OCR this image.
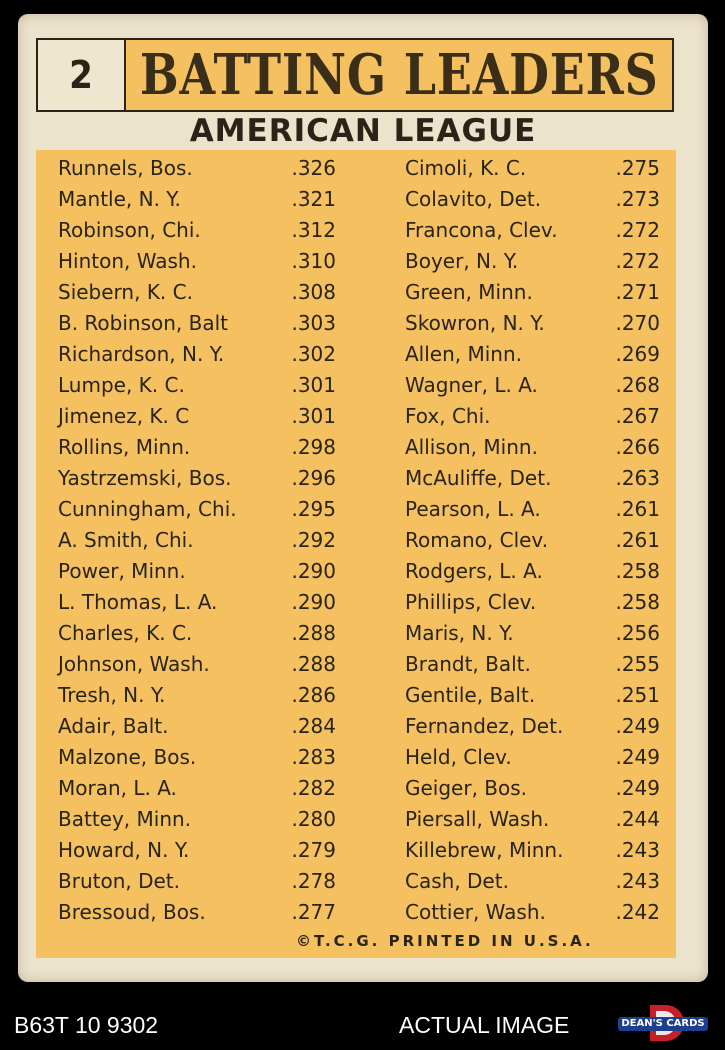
2 BATTING LEADERS
AMERICAN LEAGUE
Runnels, Bos.	.326
Mantle, N. Y.	.321
Robinson, Chi.	.312
Hinton, Wash.	.310
Siebern, K. C.	.308
B. Robinson, Balt	.303
Richardson, N. Y.	.302
Lumpe, K. C.	.301
Jimenez, K. C	.301
Rollins, Minn.	.298
Yastrzemski, Bos.	.296
Cunningham, Chi.	.295
A. Smith, Chi.	.292
Power, Minn.	.290
L. Thomas, L. A.	.290
Charles, K. C.	.288
Johnson, Wash.	.288
Tresh, N. Y.	.286
Adair, Balt.	.284
Malzone, Bos.	.283
Moran, L. A.	.282
Battey, Minn.	.280
Howard, N. Y.	.279
Bruton, Det.	.278
Bressoud, Bos.	.277
Cimoli, K. C.	.275
Colavito, Det.	.273
Francona, Clev.	.272
Boyer, N. Y.	.272
Green, Minn.	.271
Skowron, N. Y.	.270
Allen, Minn.	.269
Wagner, L. A.	.268
Fox, Chi.	.267
Allison, Minn.	.266
McAuliffe, Det.	.263
Pearson, L. A.	.261
Romano, Clev.	.261
Rodgers, L. A.	.258
Phillips, Clev.	.258
Maris, N. Y.	.256
Brandt, Balt.	.255
Gentile, Balt.	.251
Fernandez, Det.	.249
Held, Clev.	.249
Geiger, Bos.	.249
Piersall, Wash.	.244
Killebrew, Minn.	.243
Cash, Det.	.243
Cottier, Wash.	.242
©T.C.G. PRINTED IN U.S.A.
B63T 10 9302	ACTUAL IMAGE	DEAN'S CARDS
